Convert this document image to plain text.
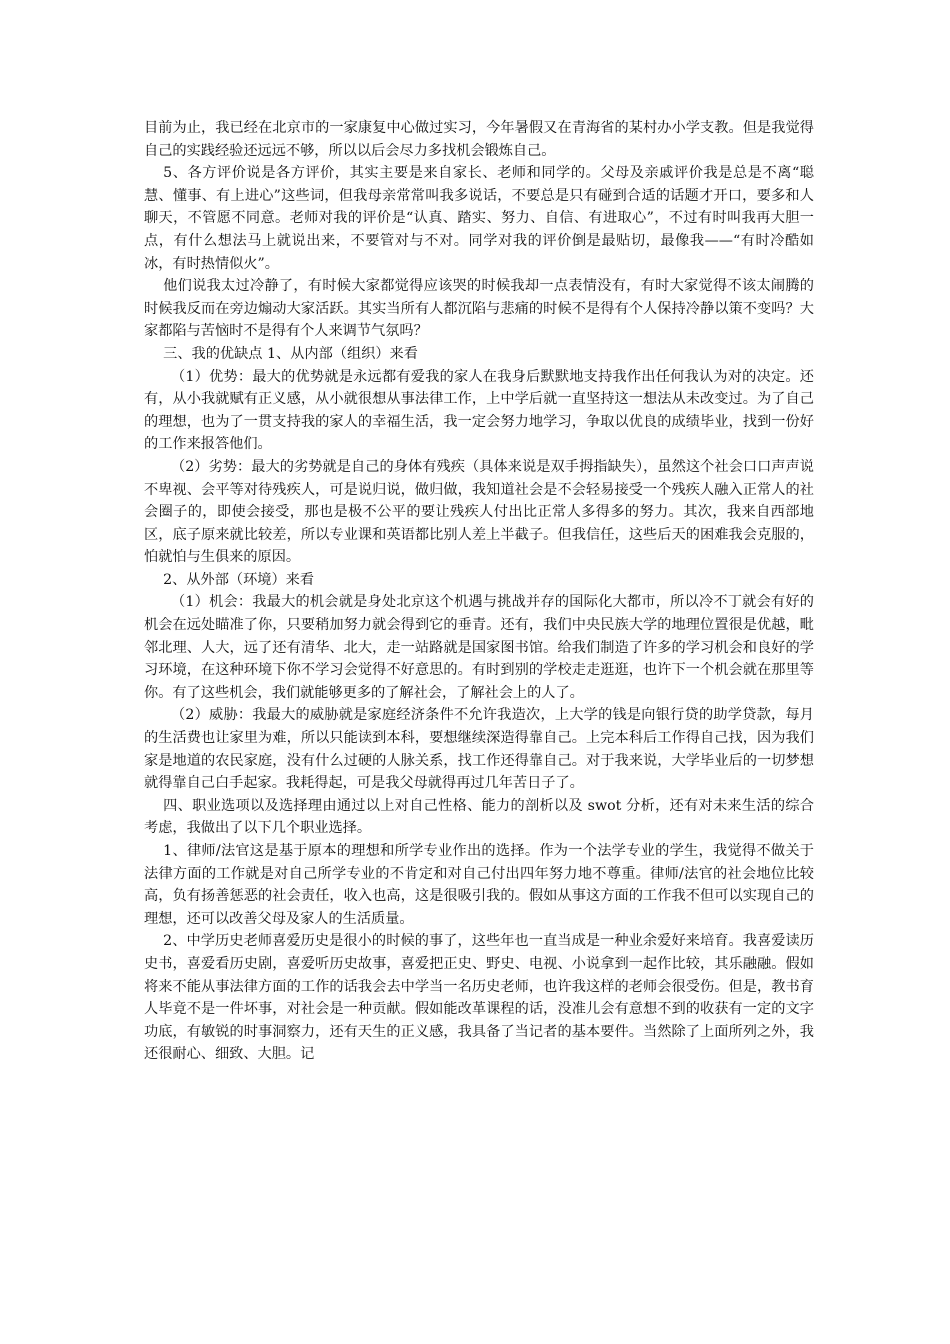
目前为止，我已经在北京市的一家康复中心做过实习，今年暑假又在青海省的某村办小学支教。但是我觉得自己的实践经验还远远不够，所以以后会尽力多找机会锻炼自己。

5、各方评价说是各方评价，其实主要是来自家长、老师和同学的。父母及亲戚评价我是总是不离“聪慧、懂事、有上进心”这些词，但我母亲常常叫我多说话，不要总是只有碰到合适的话题才开口，要多和人聊天，不管愿不同意。老师对我的评价是“认真、踏实、努力、自信、有进取心”，不过有时叫我再大胆一点，有什么想法马上就说出来，不要管对与不对。同学对我的评价倒是最贴切，最像我——“有时冷酷如冰，有时热情似火”。

他们说我太过冷静了，有时候大家都觉得应该哭的时候我却一点表情没有，有时大家觉得不该太闹腾的时候我反而在旁边煽动大家活跃。其实当所有人都沉陷与悲痛的时候不是得有个人保持冷静以策不变吗？大家都陷与苦恼时不是得有个人来调节气氛吗？

三、我的优缺点 1、从内部（组织）来看

（1）优势：最大的优势就是永远都有爱我的家人在我身后默默地支持我作出任何我认为对的决定。还有，从小我就赋有正义感，从小就很想从事法律工作，上中学后就一直坚持这一想法从未改变过。为了自己的理想，也为了一贯支持我的家人的幸福生活，我一定会努力地学习，争取以优良的成绩毕业，找到一份好的工作来报答他们。

（2）劣势：最大的劣势就是自己的身体有残疾（具体来说是双手拇指缺失），虽然这个社会口口声声说不卑视、会平等对待残疾人，可是说归说，做归做，我知道社会是不会轻易接受一个残疾人融入正常人的社会圈子的，即使会接受，那也是极不公平的要让残疾人付出比正常人多得多的努力。其次，我来自西部地区，底子原来就比较差，所以专业课和英语都比别人差上半截子。但我信任，这些后天的困难我会克服的，怕就怕与生俱来的原因。

2、从外部（环境）来看

（1）机会：我最大的机会就是身处北京这个机遇与挑战并存的国际化大都市，所以冷不丁就会有好的机会在远处瞄准了你，只要稍加努力就会得到它的垂青。还有，我们中央民族大学的地理位置很是优越，毗邻北理、人大，远了还有清华、北大，走一站路就是国家图书馆。给我们制造了许多的学习机会和良好的学习环境，在这种环境下你不学习会觉得不好意思的。有时到别的学校走走逛逛，也许下一个机会就在那里等你。有了这些机会，我们就能够更多的了解社会，了解社会上的人了。

（2）威胁：我最大的威胁就是家庭经济条件不允许我造次，上大学的钱是向银行贷的助学贷款，每月的生活费也让家里为难，所以只能读到本科，要想继续深造得靠自己。上完本科后工作得自己找，因为我们家是地道的农民家庭，没有什么过硬的人脉关系，找工作还得靠自己。对于我来说，大学毕业后的一切梦想就得靠自己白手起家。我耗得起，可是我父母就得再过几年苦日子了。

四、职业选项以及选择理由通过以上对自己性格、能力的剖析以及 swot 分析，还有对未来生活的综合考虑，我做出了以下几个职业选择。

1、律师/法官这是基于原本的理想和所学专业作出的选择。作为一个法学专业的学生，我觉得不做关于法律方面的工作就是对自己所学专业的不肯定和对自己付出四年努力地不尊重。律师/法官的社会地位比较高，负有扬善惩恶的社会责任，收入也高，这是很吸引我的。假如从事这方面的工作我不但可以实现自己的理想，还可以改善父母及家人的生活质量。

2、中学历史老师喜爱历史是很小的时候的事了，这些年也一直当成是一种业余爱好来培育。我喜爱读历史书，喜爱看历史剧，喜爱听历史故事，喜爱把正史、野史、电视、小说拿到一起作比较，其乐融融。假如将来不能从事法律方面的工作的话我会去中学当一名历史老师，也许我这样的老师会很受伤。但是，教书育人毕竟不是一件坏事，对社会是一种贡献。假如能改革课程的话，没准儿会有意想不到的收获有一定的文字功底，有敏锐的时事洞察力，还有天生的正义感，我具备了当记者的基本要件。当然除了上面所列之外，我还很耐心、细致、大胆。记
